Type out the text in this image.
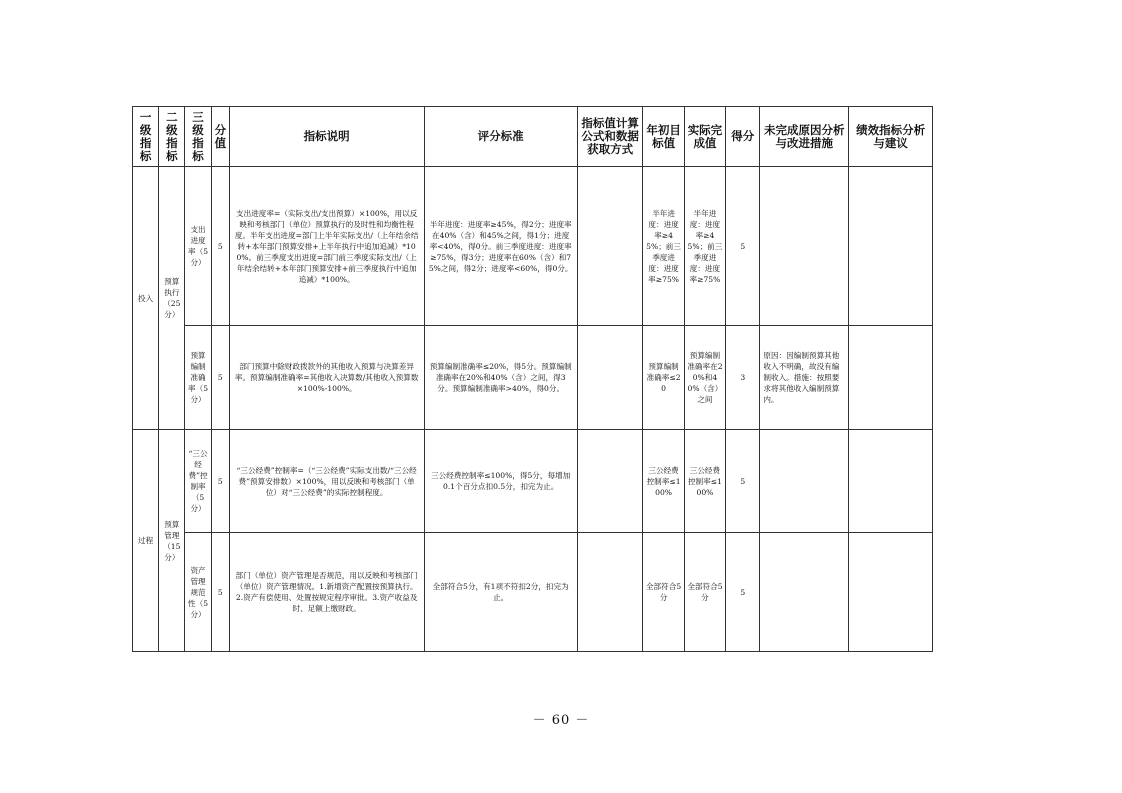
一级指标	二级指标	三级指标	分值	指标说明	评分标准	指标值计算公式和数据获取方式	年初目标值	实际完成值	得分	未完成原因分析与改进措施	绩效指标分析与建议
投入	预算执行（25分）	支出进度率（5分）	5	支出进度率=（实际支出/支出预算）×100%，用以反映和考核部门（单位）预算执行的及时性和均衡性程度。半年支出进度=部门上半年实际支出/（上年结余结转+本年部门预算安排+上半年执行中追加追减）*100%。前三季度支出进度=部门前三季度实际支出/（上年结余结转+本年部门预算安排+前三季度执行中追加追减）*100%。	半年进度：进度率≥45%，得2分；进度率在40%（含）和45%之间，得1分；进度率<40%，得0分。前三季度进度：进度率≥75%，得3分；进度率在60%（含）和75%之间，得2分；进度率<60%，得0分。		半年进度：进度率≥45%；前三季度进度：进度率≥75%	半年进度：进度率≥45%；前三季度进度：进度率≥75%	5		
		预算编制准确率（5分）	5	部门预算中除财政拨款外的其他收入预算与决算差异率。预算编制准确率=其他收入决算数/其他收入预算数×100%-100%。	预算编制准确率≤20%，得5分。预算编制准确率在20%和40%（含）之间，得3分。预算编制准确率>40%，得0分。		预算编制准确率≤20	预算编制准确率在20%和40%（含）之间	3	原因：因编制预算其他收入不明确，故没有编制收入。措施：按照要求将其他收入编制预算内。	
过程	预算管理（15分）	“三公经费”控制率（5分）	5	“三公经费”控制率=（“三公经费”实际支出数/“三公经费”预算安排数）×100%，用以反映和考核部门（单位）对“三公经费”的实际控制程度。	三公经费控制率≤100%，得5分，每增加0.1个百分点扣0.5分，扣完为止。		三公经费控制率≤100%	三公经费控制率≤100%	5		
		资产管理规范性（5分）	5	部门（单位）资产管理是否规范，用以反映和考核部门（单位）资产管理情况。1.新增资产配置按预算执行。2.资产有偿使用、处置按规定程序审批。3.资产收益及时、足额上缴财政。	全部符合5分，有1项不符扣2分，扣完为止。		全部符合5分	全部符合5分	5		
－ 60 －
